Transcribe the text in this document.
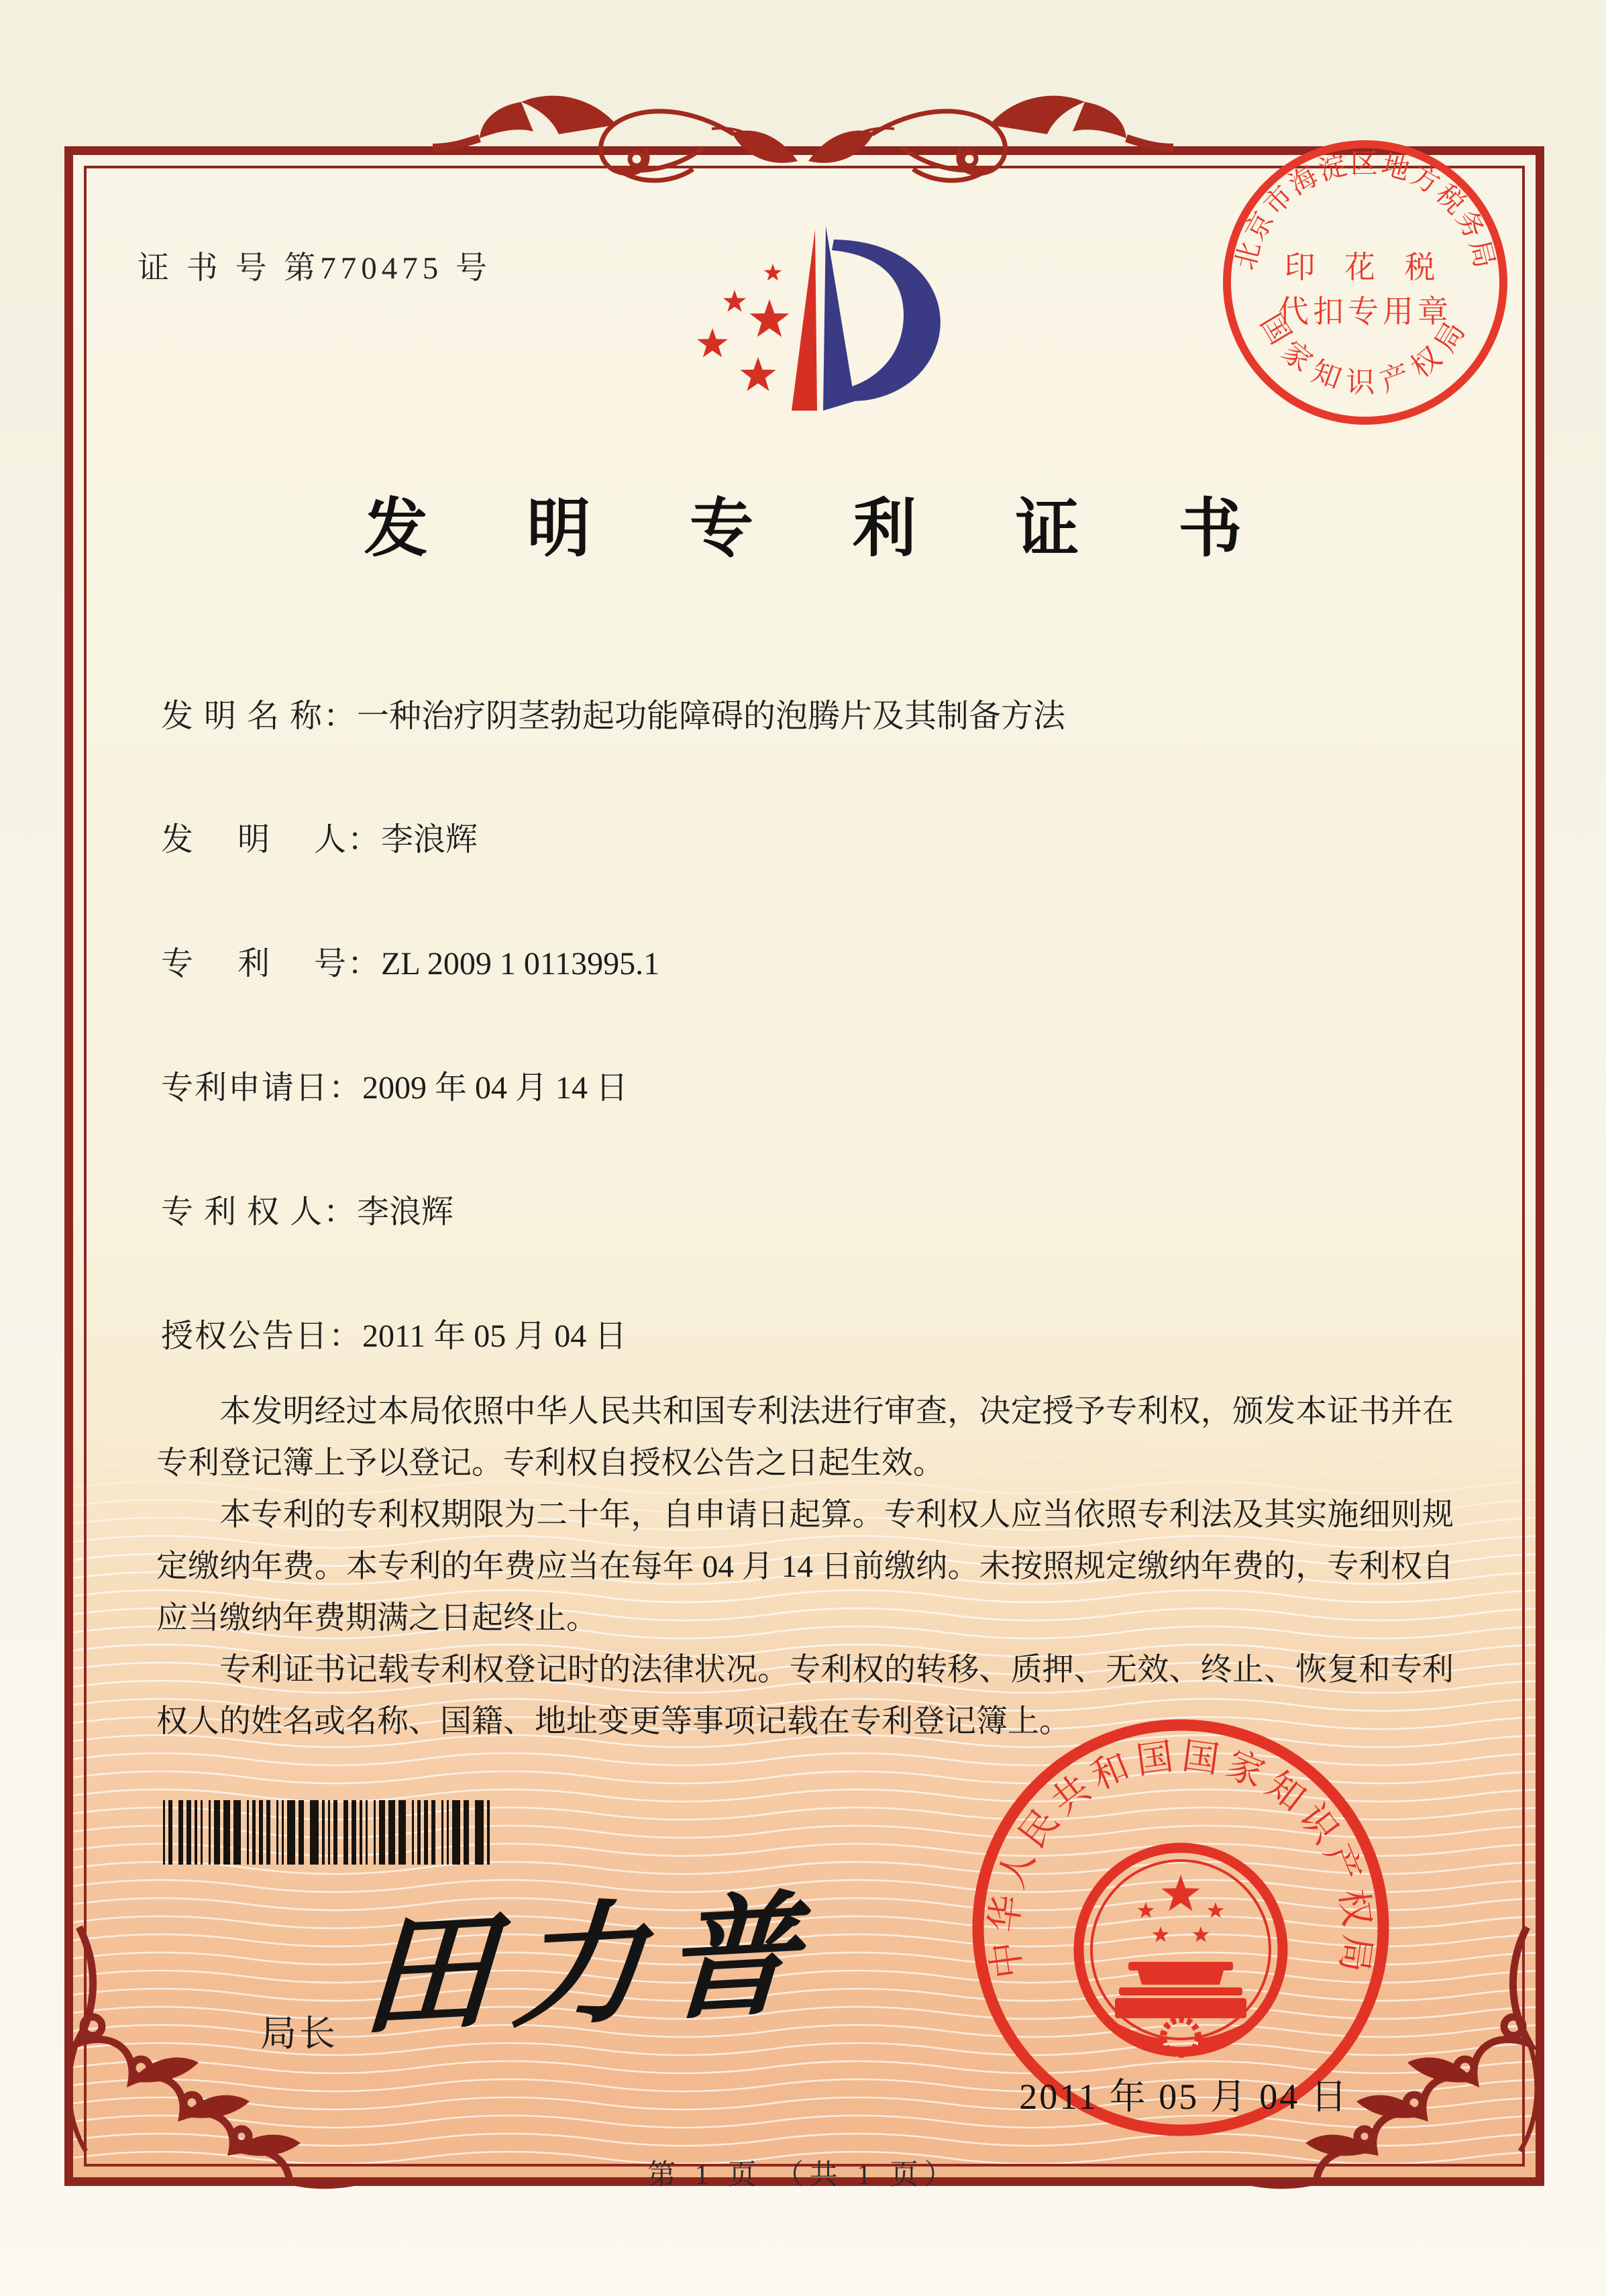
证 书 号 第770475 号	北京市海淀区地方税务局
国家知识产权局
印 花 税
代扣专用章
发 明 专 利 证 书
发 明 名 称：一种治疗阴茎勃起功能障碍的泡腾片及其制备方法
发　 明　 人：李浪辉
专　 利　 号：ZL 2009 1 0113995.1
专利申请日：2009 年 04 月 14 日
专 利 权 人：李浪辉
授权公告日：2011 年 05 月 04 日

本发明经过本局依照中华人民共和国专利法进行审查，决定授予专利权，颁发本证书并在专利登记簿上予以登记。专利权自授权公告之日起生效。

本专利的专利权期限为二十年，自申请日起算。专利权人应当依照专利法及其实施细则规定缴纳年费。本专利的年费应当在每年 04 月 14 日前缴纳。未按照规定缴纳年费的，专利权自应当缴纳年费期满之日起终止。

专利证书记载专利权登记时的法律状况。专利权的转移、质押、无效、终止、恢复和专利权人的姓名或名称、国籍、地址变更等事项记载在专利登记簿上。

局长 田力普	中华人民共和国国家知识产权局
2011 年 05 月 04 日
第 1 页 （共 1 页）
